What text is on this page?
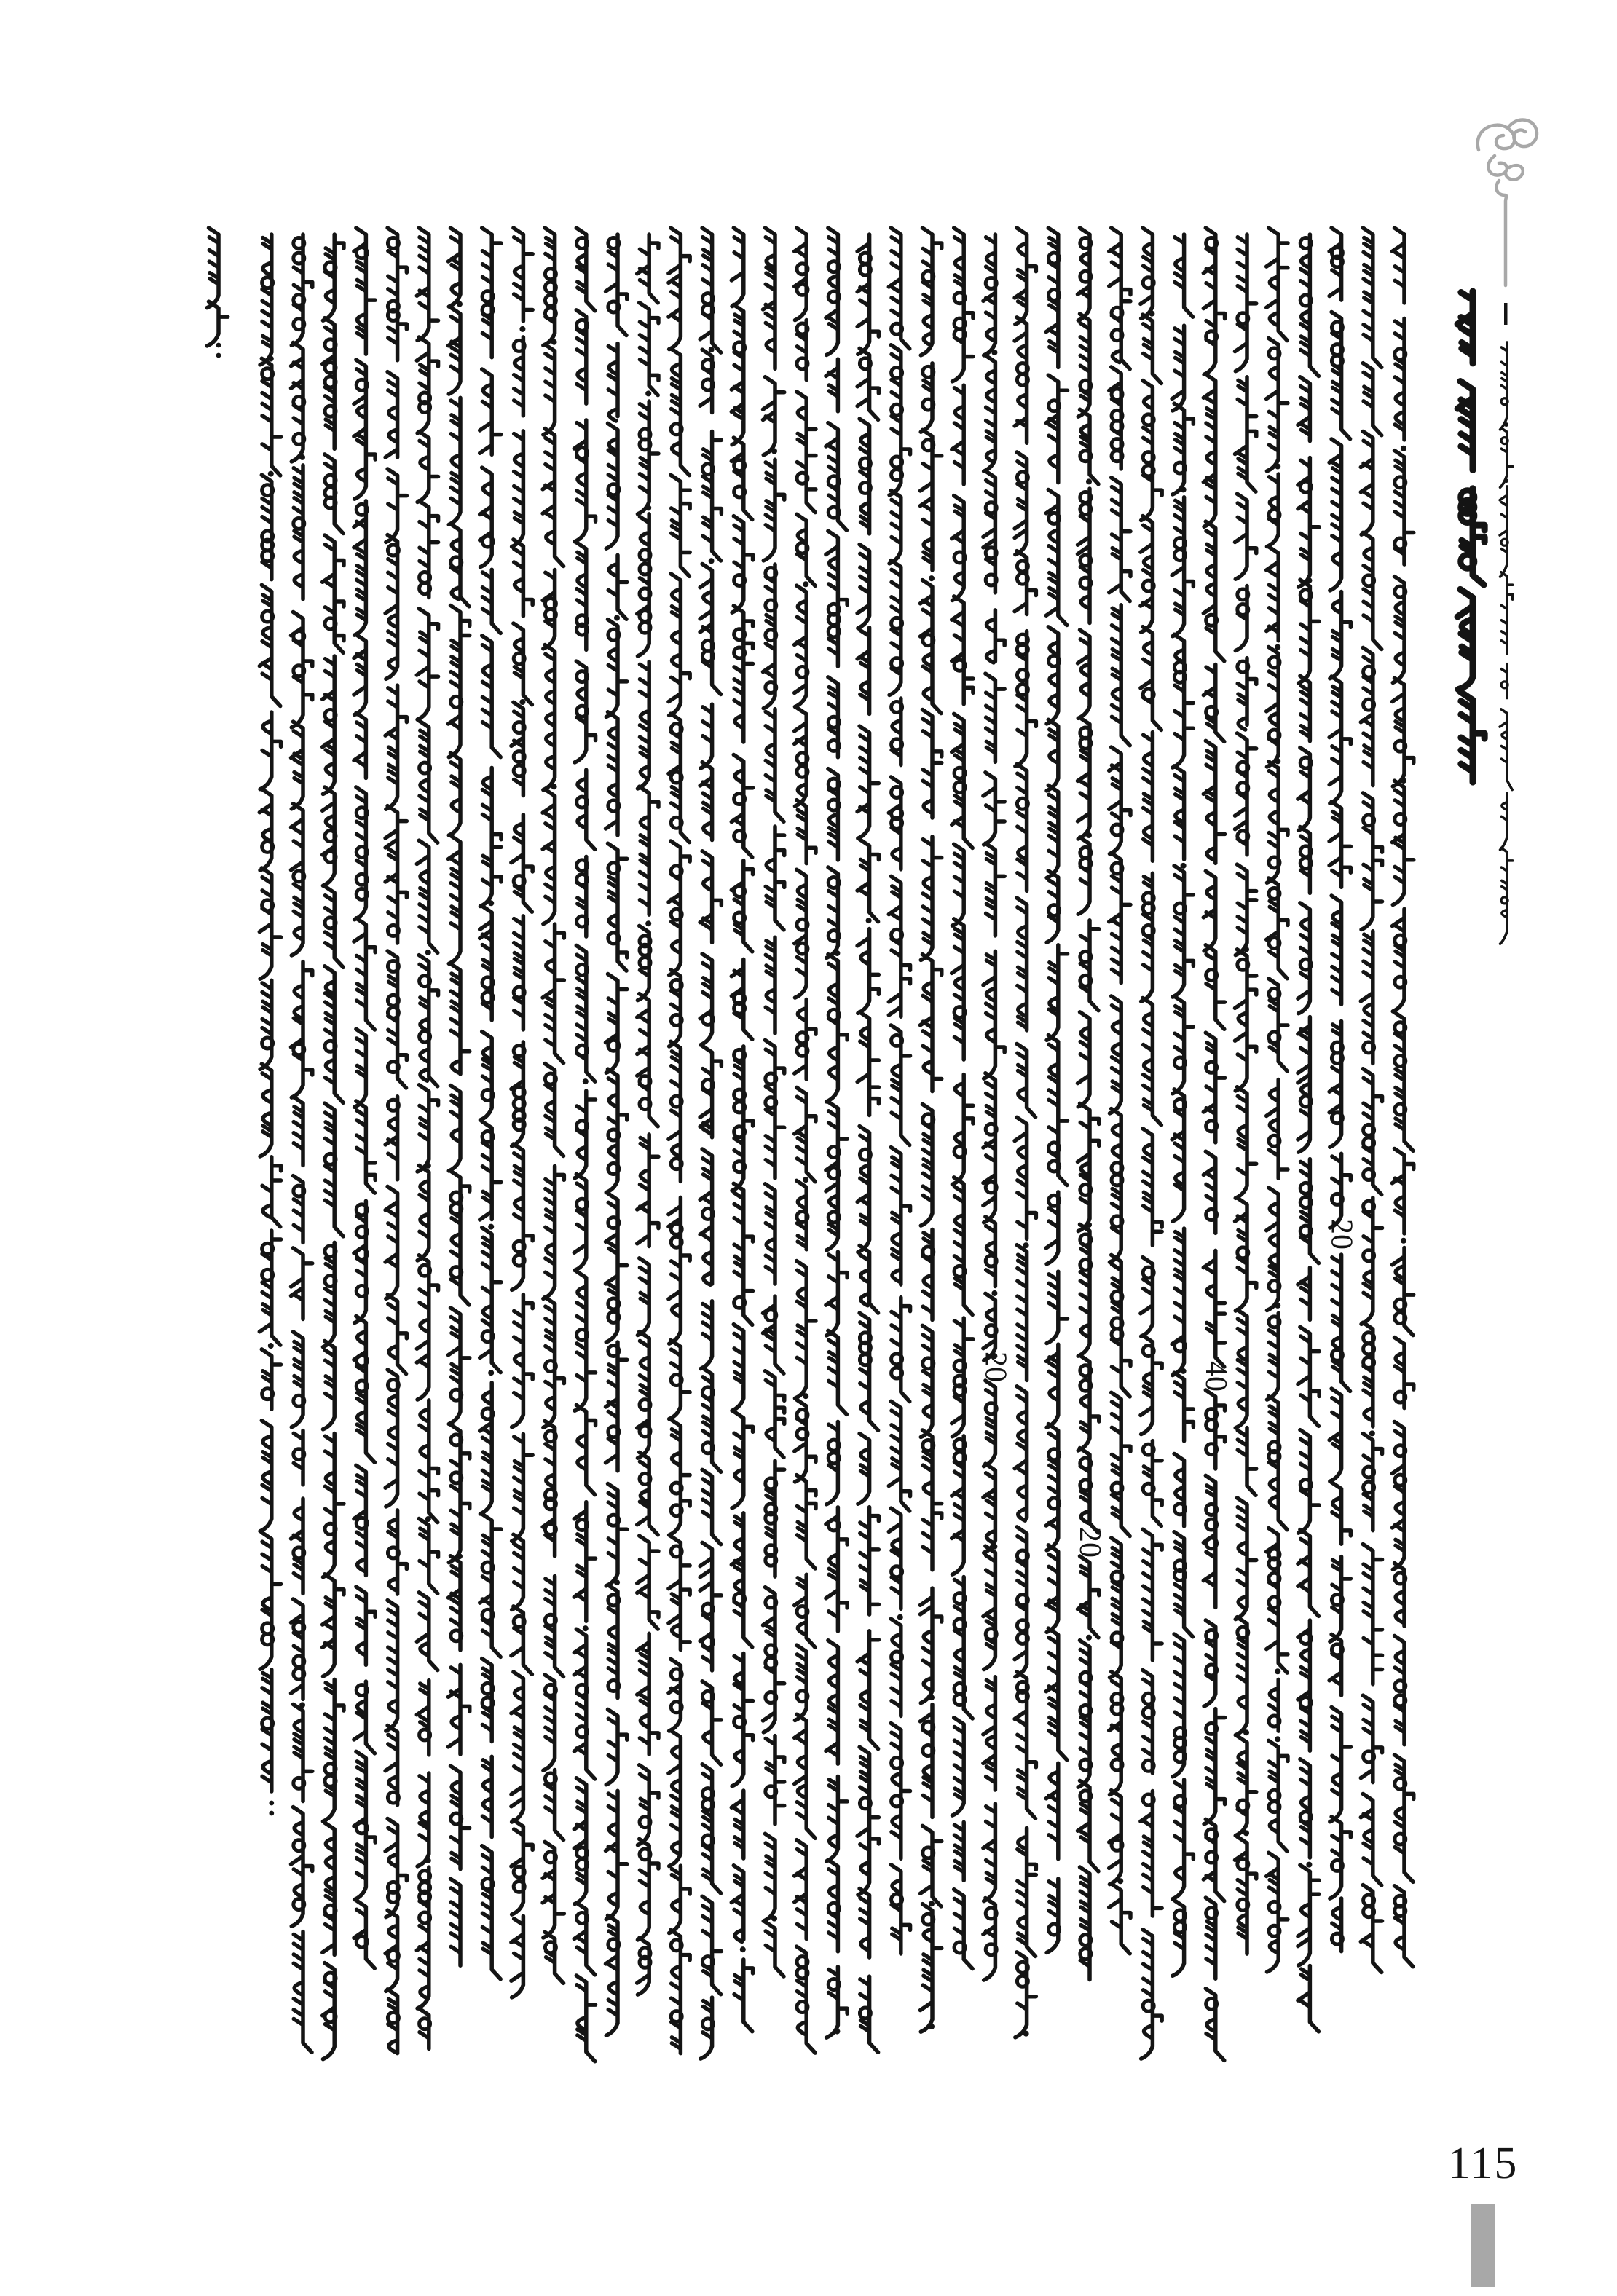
20
40
20
20
115
